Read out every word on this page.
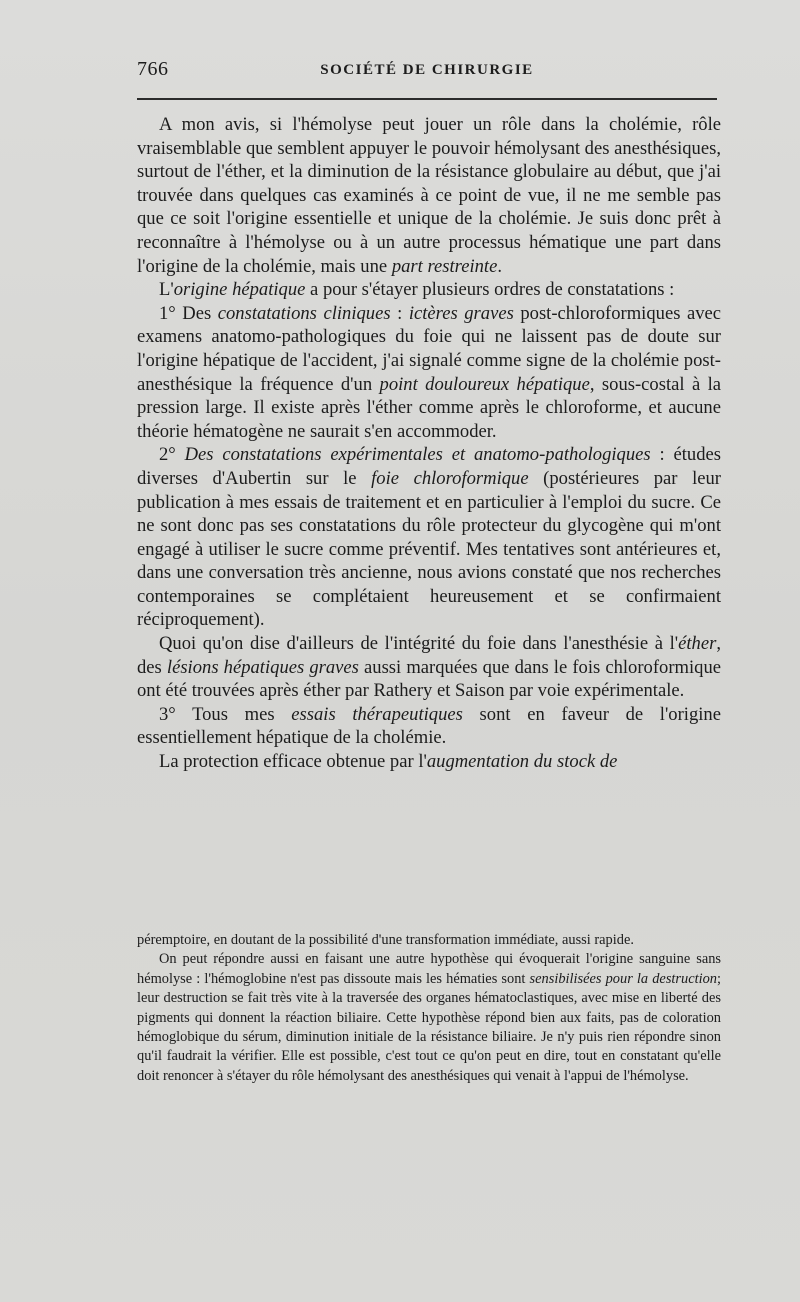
766	SOCIÉTÉ DE CHIRURGIE

A mon avis, si l'hémolyse peut jouer un rôle dans la cholémie, rôle vraisemblable que semblent appuyer le pouvoir hémolysant des anesthésiques, surtout de l'éther, et la diminution de la résistance globulaire au début, que j'ai trouvée dans quelques cas examinés à ce point de vue, il ne me semble pas que ce soit l'origine essentielle et unique de la cholémie. Je suis donc prêt à reconnaître à l'hémolyse ou à un autre processus hématique une part dans l'origine de la cholémie, mais une part restreinte.

L'origine hépatique a pour s'étayer plusieurs ordres de constatations :

1° Des constatations cliniques : ictères graves post-chloroformiques avec examens anatomo-pathologiques du foie qui ne laissent pas de doute sur l'origine hépatique de l'accident, j'ai signalé comme signe de la cholémie post-anesthésique la fréquence d'un point douloureux hépatique, sous-costal à la pression large. Il existe après l'éther comme après le chloroforme, et aucune théorie hématogène ne saurait s'en accommoder.

2° Des constatations expérimentales et anatomo-pathologiques : études diverses d'Aubertin sur le foie chloroformique (postérieures par leur publication à mes essais de traitement et en particulier à l'emploi du sucre. Ce ne sont donc pas ses constatations du rôle protecteur du glycogène qui m'ont engagé à utiliser le sucre comme préventif. Mes tentatives sont antérieures et, dans une conversation très ancienne, nous avions constaté que nos recherches contemporaines se complétaient heureusement et se confirmaient réciproquement).

Quoi qu'on dise d'ailleurs de l'intégrité du foie dans l'anesthésie à l'éther, des lésions hépatiques graves aussi marquées que dans le fois chloroformique ont été trouvées après éther par Rathery et Saison par voie expérimentale.

3° Tous mes essais thérapeutiques sont en faveur de l'origine essentiellement hépatique de la cholémie.

La protection efficace obtenue par l'augmentation du stock de

péremptoire, en doutant de la possibilité d'une transformation immédiate, aussi rapide.

On peut répondre aussi en faisant une autre hypothèse qui évoquerait l'origine sanguine sans hémolyse : l'hémoglobine n'est pas dissoute mais les hématies sont sensibilisées pour la destruction; leur destruction se fait très vite à la traversée des organes hématoclastiques, avec mise en liberté des pigments qui donnent la réaction biliaire. Cette hypothèse répond bien aux faits, pas de coloration hémoglobique du sérum, diminution initiale de la résistance biliaire. Je n'y puis rien répondre sinon qu'il faudrait la vérifier. Elle est possible, c'est tout ce qu'on peut en dire, tout en constatant qu'elle doit renoncer à s'étayer du rôle hémolysant des anesthésiques qui venait à l'appui de l'hémolyse.
